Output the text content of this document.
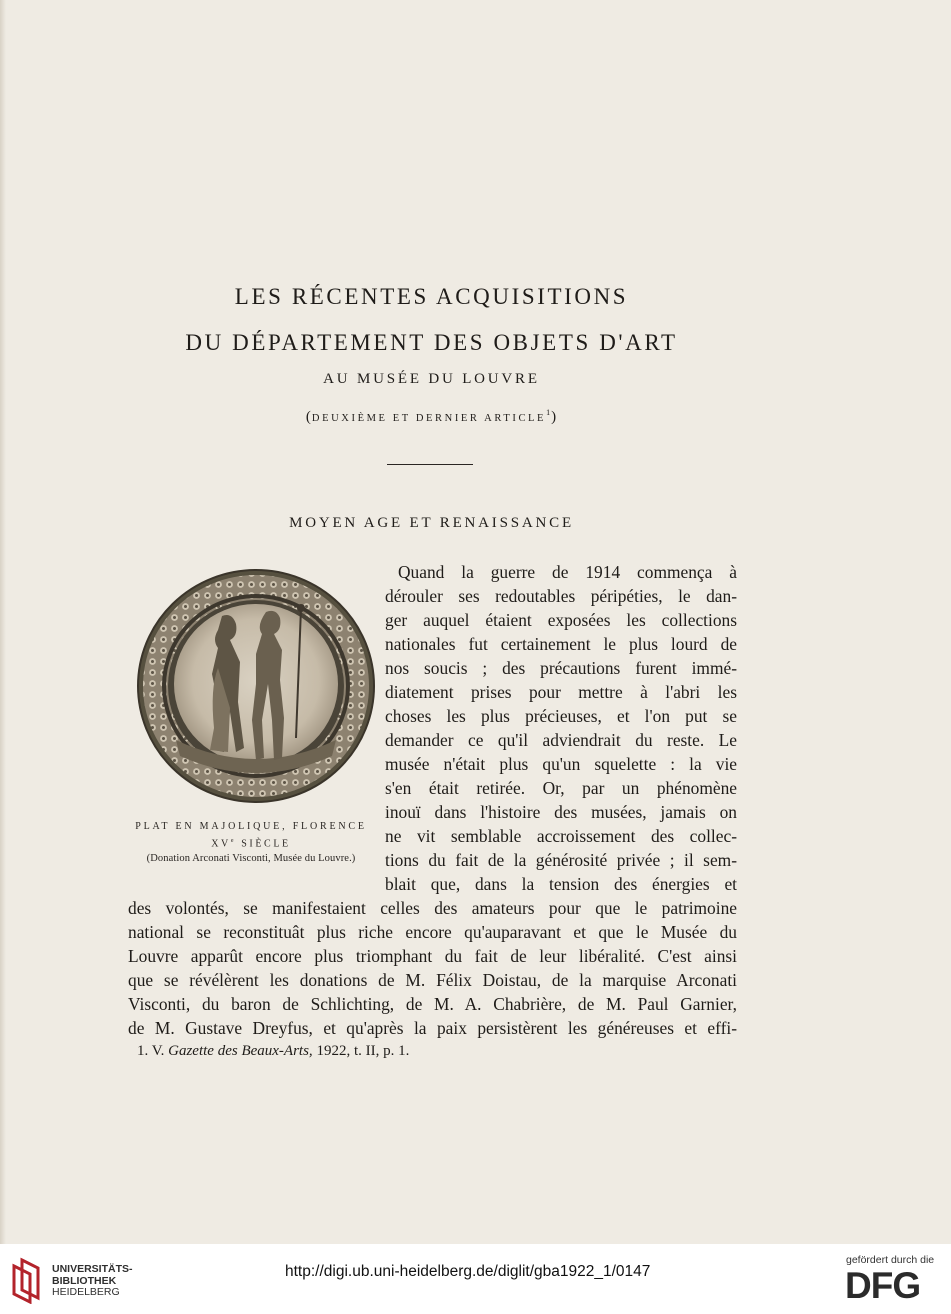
LES RÉCENTES ACQUISITIONS
DU DÉPARTEMENT DES OBJETS D'ART
AU MUSÉE DU LOUVRE
(DEUXIÈME ET DERNIER ARTICLE$^1$)
MOYEN AGE ET RENAISSANCE
PLAT EN MAJOLIQUE, FLORENCE
XVe SIÈCLE
(Donation Arconati Visconti, Musée du Louvre.)
Quand la guerre de 1914 commença à
dérouler ses redoutables péripéties, le dan-
ger auquel étaient exposées les collections
nationales fut certainement le plus lourd de
nos soucis ; des précautions furent immé-
diatement prises pour mettre à l'abri les
choses les plus précieuses, et l'on put se
demander ce qu'il adviendrait du reste. Le
musée n'était plus qu'un squelette : la vie
s'en était retirée. Or, par un phénomène
inouï dans l'histoire des musées, jamais on
ne vit semblable accroissement des collec-
tions du fait de la générosité privée ; il sem-
blait que, dans la tension des énergies et
des volontés, se manifestaient celles des amateurs pour que le patrimoine
national se reconstituât plus riche encore qu'auparavant et que le Musée du
Louvre apparût encore plus triomphant du fait de leur libéralité. C'est ainsi
que se révélèrent les donations de M. Félix Doistau, de la marquise Arconati
Visconti, du baron de Schlichting, de M. A. Chabrière, de M. Paul Garnier,
de M. Gustave Dreyfus, et qu'après la paix persistèrent les généreuses et effi-
1. V. Gazette des Beaux-Arts, 1922, t. II, p. 1.
UNIVERSITÄTS-
BIBLIOTHEK
HEIDELBERG
http://digi.ub.uni-heidelberg.de/diglit/gba1922_1/0147
gefördert durch die
DFG
